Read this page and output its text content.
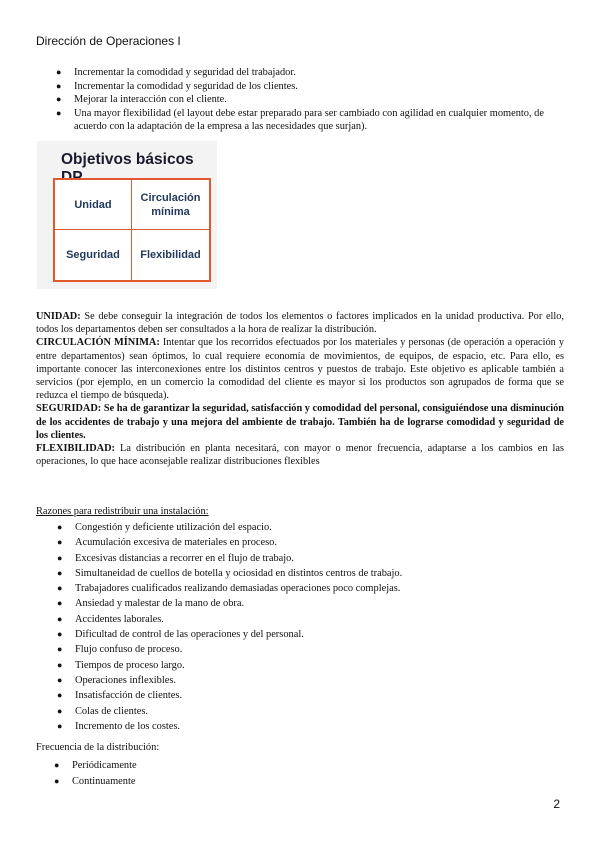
Dirección de Operaciones I
● Incrementar la comodidad y seguridad del trabajador.
● Incrementar la comodidad y seguridad de los clientes.
● Mejorar la interacción con el cliente.
● Una mayor flexibilidad (el layout debe estar preparado para ser cambiado con agilidad en cualquier momento, de acuerdo con la adaptación de la empresa a las necesidades que surjan).
Objetivos básicos
Unidad
Circulación mínima
Seguridad	Flexibilidad

UNIDAD: Se debe conseguir la integración de todos los elementos o factores implicados en la unidad productiva. Por ello, todos los departamentos deben ser consultados a la hora de realizar la distribución.

CIRCULACIÓN MÍNIMA: Intentar que los recorridos efectuados por los materiales y personas (de operación a operación y entre departamentos) sean óptimos, lo cual requiere economía de movimientos, de equipos, de espacio, etc. Para ello, es importante conocer las interconexiones entre los distintos centros y puestos de trabajo. Este objetivo es aplicable también a servicios (por ejemplo, en un comercio la comodidad del cliente es mayor si los productos son agrupados de forma que se reduzca el tiempo de búsqueda).

SEGURIDAD: Se ha de garantizar la seguridad, satisfacción y comodidad del personal, consiguiéndose una disminución de los accidentes de trabajo y una mejora del ambiente de trabajo. También ha de lograrse comodidad y seguridad de los clientes.

FLEXIBILIDAD: La distribución en planta necesitará, con mayor o menor frecuencia, adaptarse a los cambios en las operaciones, lo que hace aconsejable realizar distribuciones flexibles

Razones para redistribuir una instalación:
● Congestión y deficiente utilización del espacio.
● Acumulación excesiva de materiales en proceso.
● Excesivas distancias a recorrer en el flujo de trabajo.
● Simultaneidad de cuellos de botella y ociosidad en distintos centros de trabajo.
● Trabajadores cualificados realizando demasiadas operaciones poco complejas.
● Ansiedad y malestar de la mano de obra.
● Accidentes laborales.
● Dificultad de control de las operaciones y del personal.
● Flujo confuso de proceso.
● Tiempos de proceso largo.
● Operaciones inflexibles.
● Insatisfacción de clientes.
● Colas de clientes.
● Incremento de los costes.
Frecuencia de la distribución:
● Periódicamente
● Continuamente
2
